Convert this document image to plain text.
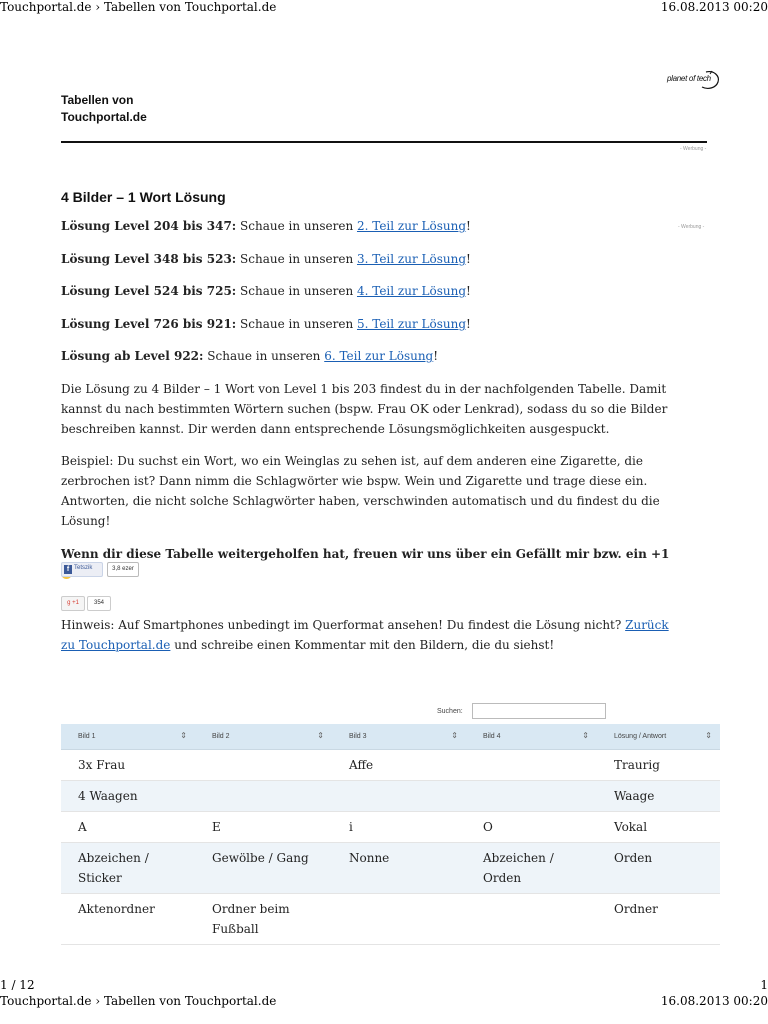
Touchportal.de › Tabellen von Touchportal.de	16.08.2013 00:20
Tabellen von
Touchportal.de
planet of tech
- Werbung -
- Werbung -
4 Bilder – 1 Wort Lösung

Lösung Level 204 bis 347: Schaue in unseren 2. Teil zur Lösung!

Lösung Level 348 bis 523: Schaue in unseren 3. Teil zur Lösung!

Lösung Level 524 bis 725: Schaue in unseren 4. Teil zur Lösung!

Lösung Level 726 bis 921: Schaue in unseren 5. Teil zur Lösung!

Lösung ab Level 922: Schaue in unseren 6. Teil zur Lösung!

Die Lösung zu 4 Bilder – 1 Wort von Level 1 bis 203 findest du in der nachfolgenden Tabelle. Damit kannst du nach bestimmten Wörtern suchen (bspw. Frau OK oder Lenkrad), sodass du so die Bilder beschreiben kannst. Dir werden dann entsprechende Lösungsmöglichkeiten ausgespuckt.

Beispiel: Du suchst ein Wort, wo ein Weinglas zu sehen ist, auf dem anderen eine Zigarette, die zerbrochen ist? Dann nimm die Schlagwörter wie bspw. Wein und Zigarette und trage diese ein. Antworten, die nicht solche Schlagwörter haben, verschwinden automatisch und du findest du die Lösung!

Wenn dir diese Tabelle weitergeholfen hat, freuen wir uns über ein Gefällt mir bzw. ein +1

f Tetszik	3,8 ezer
g +1	354
Hinweis: Auf Smartphones unbedingt im Querformat ansehen! Du findest die Lösung nicht? Zurück zu Touchportal.de und schreibe einen Kommentar mit den Bildern, die du siehst!
Suchen:
Bild 1 ⇕	Bild 2 ⇕	Bild 3 ⇕	Bild 4 ⇕	Lösung / Antwort ⇕

3x Frau		Affe		Traurig
4 Waagen				Waage
A	E	i	O	Vokal
Abzeichen / Sticker	Gewölbe / Gang	Nonne	Abzeichen / Orden	Orden
Aktenordner	Ordner beim Fußball			Ordner
1 / 12	1
Touchportal.de › Tabellen von Touchportal.de	16.08.2013 00:20
